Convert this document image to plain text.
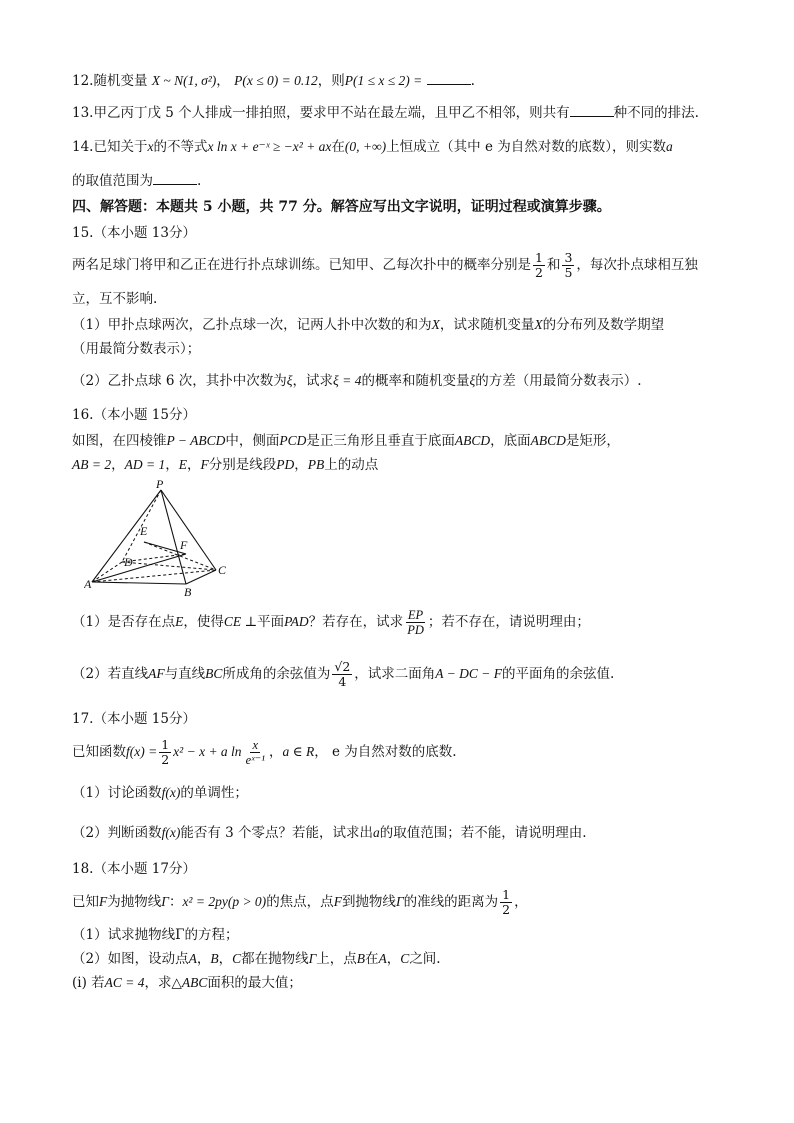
12.随机变量 X ~ N(1, σ²)， P(x ≤ 0) = 0.12，则P(1 ≤ x ≤ 2) =	.
13.甲乙丙丁戊 5 个人排成一排拍照，要求甲不站在最左端，且甲乙不相邻，则共有	种不同的排法.
14.已知关于x的不等式x ln x + e⁻ˣ ≥ −x² + ax在(0, +∞)上恒成立（其中 e 为自然对数的底数），则实数a
的取值范围为	.
四、解答题：本题共 5 小题，共 77 分。解答应写出文字说明，证明过程或演算步骤。
15.（本小题 13分）
两名足球门将甲和乙正在进行扑点球训练。已知甲、乙每次扑中的概率分别是 $\frac{1}{2}$ 和 $\frac{3}{5}$ ，每次扑点球相互独
立，互不影响.
（1）甲扑点球两次，乙扑点球一次，记两人扑中次数的和为X，试求随机变量X的分布列及数学期望
（用最简分数表示）；
（2）乙扑点球 6 次，其扑中次数为ξ，试求ξ = 4的概率和随机变量ξ的方差（用最简分数表示）.
16.（本小题 15分）
如图，在四棱锥P − ABCD中，侧面PCD是正三角形且垂直于底面ABCD，底面ABCD是矩形，
AB = 2，AD = 1，E，F分别是线段PD，PB上的动点
P
E
F
D
C
A
B
（1）是否存在点E，使得CE ⊥平面PAD？若存在，试求 $\frac{EP}{PD}$ ；若不存在，请说明理由；
（2）若直线AF与直线BC所成角的余弦值为 $\frac{√2}{4}$ ，试求二面角A − DC − F的平面角的余弦值.
17.（本小题 15分）
已知函数$f(x) = \frac{1}{2} x^2 - x + a$ $\ln \frac{x}{\text{eˣ⁻¹}}$ ，a ∈ R， e 为自然对数的底数.
（1）讨论函数f(x)的单调性；
（2）判断函数f(x)能否有 3 个零点？若能，试求出a的取值范围；若不能，请说明理由.
18.（本小题 17分）
已知F为抛物线Γ：x² = 2py(p > 0)的焦点，点F到抛物线Γ的准线的距离为 $\frac{1}{2}$ ，
（1）试求抛物线Γ的方程；
（2）如图，设动点A，B，C都在抛物线Γ上，点B在A，C之间.
(i) 若AC = 4，求△ABC面积的最大值；
